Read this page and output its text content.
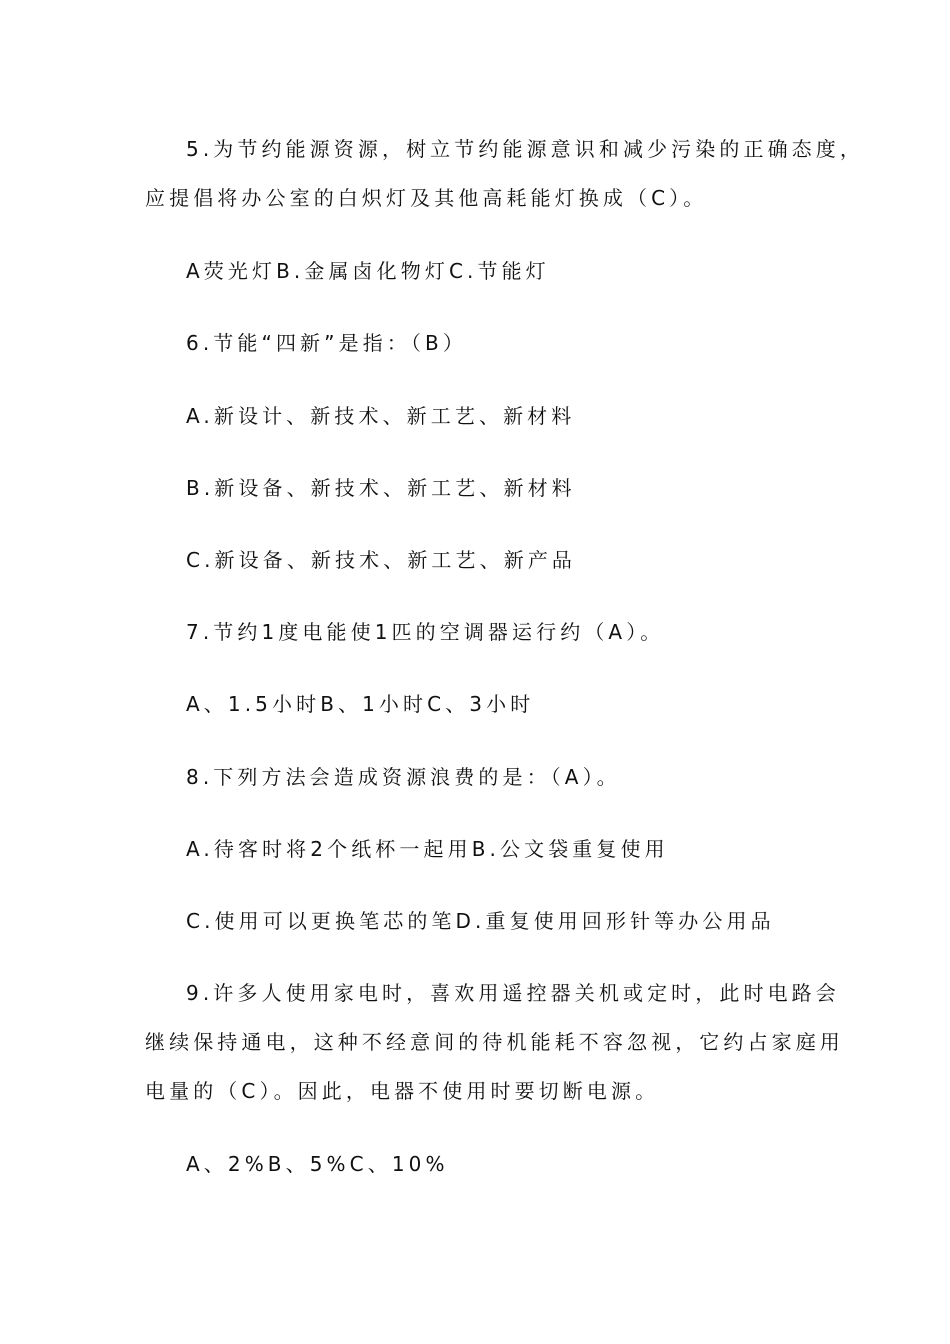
5.为节约能源资源，树立节约能源意识和减少污染的正确态度，

应提倡将办公室的白炽灯及其他高耗能灯换成（C）。

A荧光灯B.金属卤化物灯C.节能灯

6.节能“四新”是指：（B）

A.新设计、新技术、新工艺、新材料

B.新设备、新技术、新工艺、新材料

C.新设备、新技术、新工艺、新产品

7.节约1度电能使1匹的空调器运行约（A）。

A、1.5小时B、1小时C、3小时

8.下列方法会造成资源浪费的是：（A）。

A.待客时将2个纸杯一起用B.公文袋重复使用

C.使用可以更换笔芯的笔D.重复使用回形针等办公用品

9.许多人使用家电时，喜欢用遥控器关机或定时，此时电路会

继续保持通电，这种不经意间的待机能耗不容忽视，它约占家庭用

电量的（C）。因此，电器不使用时要切断电源。

A、2%B、5%C、10%
